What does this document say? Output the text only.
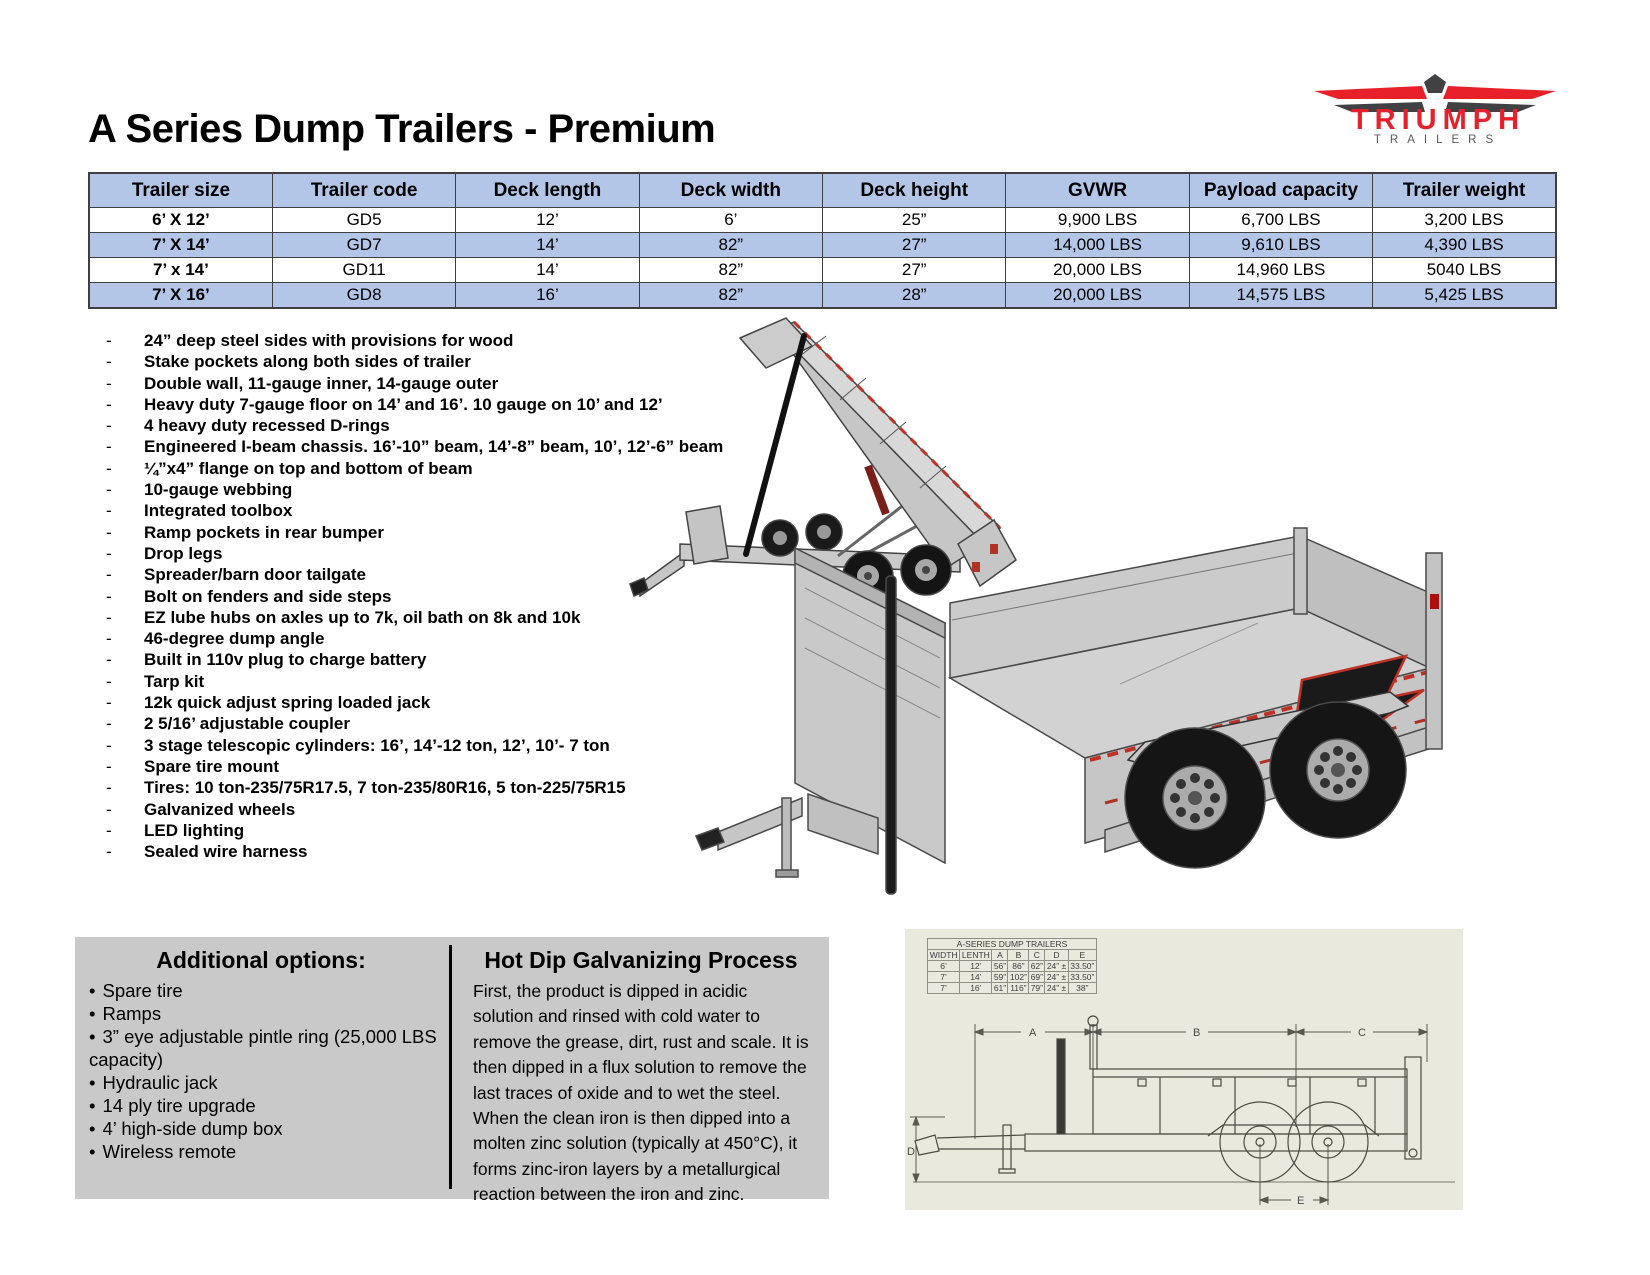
A Series Dump Trailers - Premium	TRIUMPH
TRAILERS
Trailer size	Trailer code	Deck length	Deck width	Deck height	GVWR	Payload capacity	Trailer weight
6’ X 12’	GD5	12’	6’	25”	9,900 LBS	6,700 LBS	3,200 LBS
7’ X 14’	GD7	14’	82”	27”	14,000 LBS	9,610 LBS	4,390 LBS
7’ x 14’	GD11	14’	82”	27”	20,000 LBS	14,960 LBS	5040 LBS
7’ X 16’	GD8	16’	82”	28”	20,000 LBS	14,575 LBS	5,425 LBS
-	24” deep steel sides with provisions for wood
-	Stake pockets along both sides of trailer
-	Double wall, 11-gauge inner, 14-gauge outer
-	Heavy duty 7-gauge floor on 14’ and 16’. 10 gauge on 10’ and 12’
-	4 heavy duty recessed D-rings
-	Engineered I-beam chassis. 16’-10” beam, 14’-8” beam, 10’, 12’-6” beam
-	¼”x4” flange on top and bottom of beam
-	10-gauge webbing
-	Integrated toolbox
-	Ramp pockets in rear bumper
-	Drop legs
-	Spreader/barn door tailgate
-	Bolt on fenders and side steps
-	EZ lube hubs on axles up to 7k, oil bath on 8k and 10k
-	46-degree dump angle
-	Built in 110v plug to charge battery
-	Tarp kit
-	12k quick adjust spring loaded jack
-	2 5/16’ adjustable coupler
-	3 stage telescopic cylinders: 16’, 14’-12 ton, 12’, 10’- 7 ton
-	Spare tire mount
-	Tires: 10 ton-235/75R17.5, 7 ton-235/80R16, 5 ton-225/75R15
-	Galvanized wheels
-	LED lighting
-	Sealed wire harness
Additional options:
• Spare tire
• Ramps
• 3” eye adjustable pintle ring (25,000 LBS capacity)
• Hydraulic jack
• 14 ply tire upgrade
• 4’ high-side dump box
• Wireless remote
Hot Dip Galvanizing Process

First, the product is dipped in acidic solution and rinsed with cold water to remove the grease, dirt, rust and scale. It is then dipped in a flux solution to remove the last traces of oxide and to wet the steel. When the clean iron is then dipped into a molten zinc solution (typically at 450°C), it forms zinc-iron layers by a metallurgical reaction between the iron and zinc.

A	B	C
D
E
A-SERIES DUMP TRAILERS						
WIDTH	LENTH	A	B	C	D	E
6’	12’	56”	86”	62”	24” ±	33.50”
7’	14’	59”	102”	69”	24” ±	33.50”
7’	16’	61”	116”	79”	24” ±	38”
